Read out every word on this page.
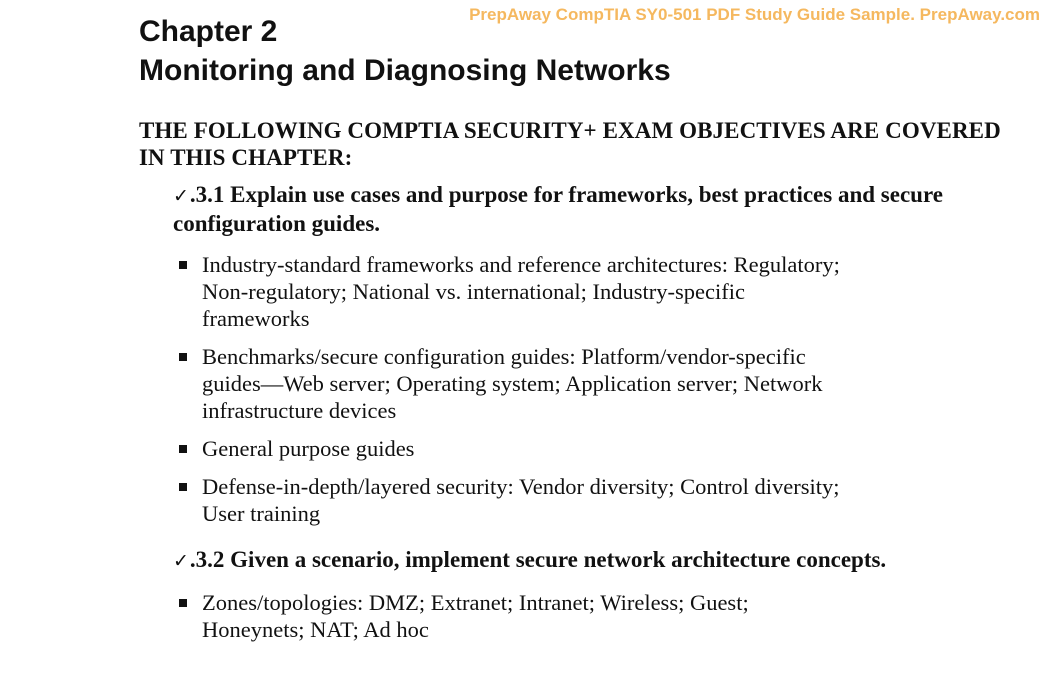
PrepAway CompTIA SY0-501 PDF Study Guide Sample. PrepAway.com
Chapter 2
Monitoring and Diagnosing Networks
THE FOLLOWING COMPTIA SECURITY+ EXAM OBJECTIVES ARE COVERED IN THIS CHAPTER:
✓.3.1 Explain use cases and purpose for frameworks, best practices and secure configuration guides.
Industry-standard frameworks and reference architectures: Regulatory; Non-regulatory; National vs. international; Industry-specific frameworks
Benchmarks/secure configuration guides: Platform/vendor-specific guides—Web server; Operating system; Application server; Network infrastructure devices
General purpose guides
Defense-in-depth/layered security: Vendor diversity; Control diversity; User training
✓.3.2 Given a scenario, implement secure network architecture concepts.
Zones/topologies: DMZ; Extranet; Intranet; Wireless; Guest; Honeynets; NAT; Ad hoc
